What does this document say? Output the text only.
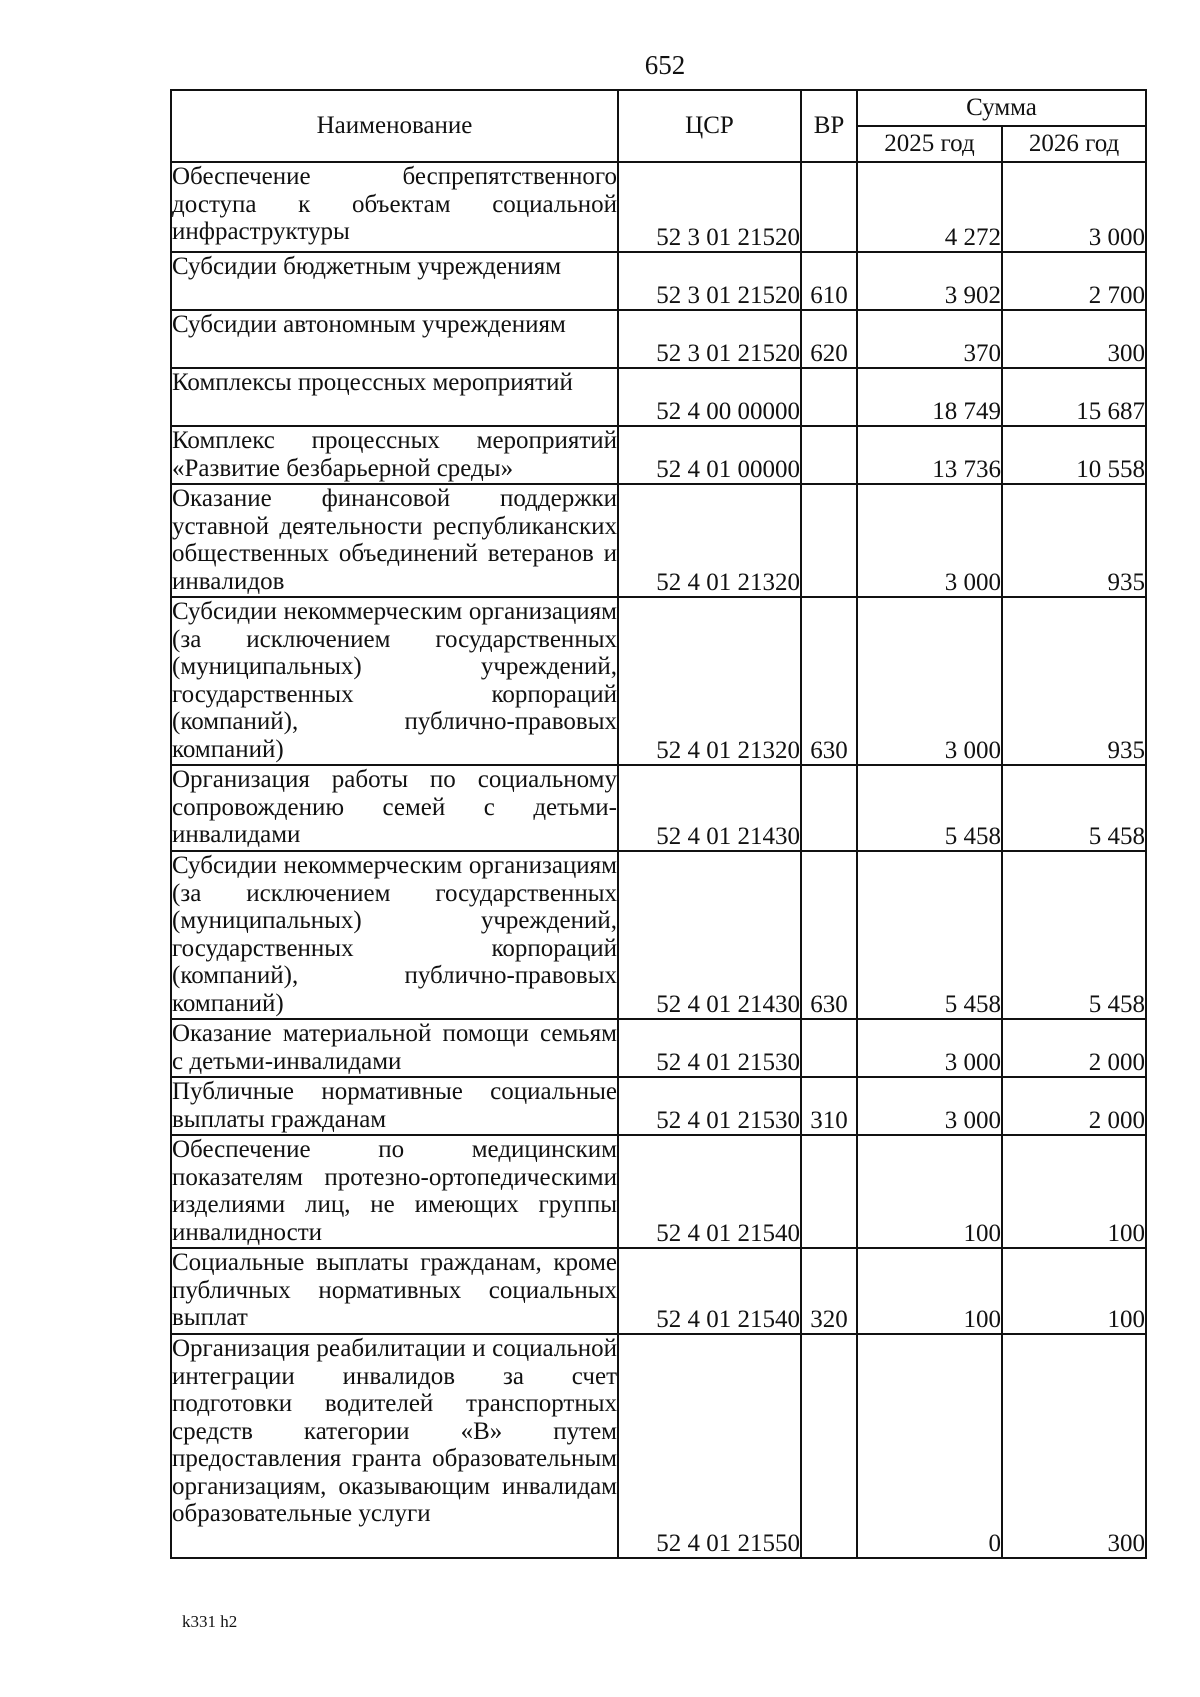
652
Наименование	ЦСР	ВР	Сумма	
			2025 год	2026 год
Обеспечение беспрепятственного доступа к объектам социальной инфраструктуры	52 3 01 21520		4 272	3 000
Субсидии бюджетным учреждениям	52 3 01 21520	610	3 902	2 700
Субсидии автономным учреждениям	52 3 01 21520	620	370	300
Комплексы процессных мероприятий	52 4 00 00000		18 749	15 687
Комплекс процессных мероприятий «Развитие безбарьерной среды»	52 4 01 00000		13 736	10 558
Оказание финансовой поддержки уставной деятельности республиканских общественных объединений ветеранов и инвалидов	52 4 01 21320		3 000	935
Субсидии некоммерческим организациям (за исключением государственных (муниципальных) учреждений, государственных корпораций (компаний), публично-правовых компаний)	52 4 01 21320	630	3 000	935
Организация работы по социальному сопровождению семей с детьми-инвалидами	52 4 01 21430		5 458	5 458
Субсидии некоммерческим организациям (за исключением государственных (муниципальных) учреждений, государственных корпораций (компаний), публично-правовых компаний)	52 4 01 21430	630	5 458	5 458
Оказание материальной помощи семьям с детьми-инвалидами	52 4 01 21530		3 000	2 000
Публичные нормативные социальные выплаты гражданам	52 4 01 21530	310	3 000	2 000
Обеспечение по медицинским показателям протезно-ортопедическими изделиями лиц, не имеющих группы инвалидности	52 4 01 21540		100	100
Социальные выплаты гражданам, кроме публичных нормативных социальных выплат	52 4 01 21540	320	100	100
Организация реабилитации и социальной интеграции инвалидов за счет подготовки водителей транспортных средств категории «В» путем предоставления гранта образовательным организациям, оказывающим инвалидам образовательные услуги	52 4 01 21550		0	300
k331 h2
